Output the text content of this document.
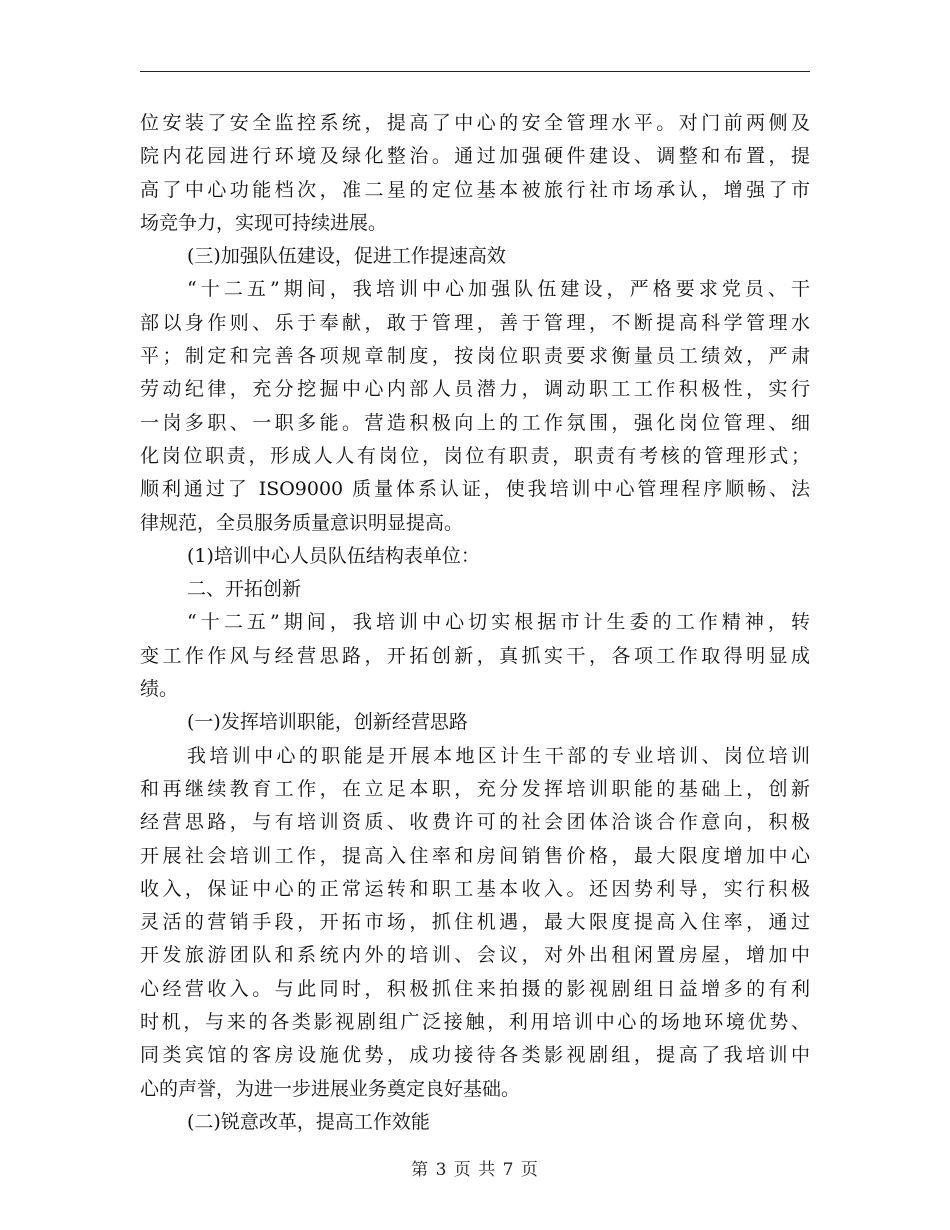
位安装了安全监控系统，提高了中心的安全管理水平。对门前两侧及
院内花园进行环境及绿化整治。通过加强硬件建设、调整和布置，提
高了中心功能档次，准二星的定位基本被旅行社市场承认，增强了市
场竞争力，实现可持续进展。
(三)加强队伍建设，促进工作提速高效
“十二五”期间，我培训中心加强队伍建设，严格要求党员、干
部以身作则、乐于奉献，敢于管理，善于管理，不断提高科学管理水
平；制定和完善各项规章制度，按岗位职责要求衡量员工绩效，严肃
劳动纪律，充分挖掘中心内部人员潜力，调动职工工作积极性，实行
一岗多职、一职多能。营造积极向上的工作氛围，强化岗位管理、细
化岗位职责，形成人人有岗位，岗位有职责，职责有考核的管理形式；
顺利通过了 ISO9000 质量体系认证，使我培训中心管理程序顺畅、法
律规范，全员服务质量意识明显提高。
(1)培训中心人员队伍结构表单位：
二、开拓创新
“十二五”期间，我培训中心切实根据市计生委的工作精神，转
变工作作风与经营思路，开拓创新，真抓实干，各项工作取得明显成
绩。
(一)发挥培训职能，创新经营思路
我培训中心的职能是开展本地区计生干部的专业培训、岗位培训
和再继续教育工作，在立足本职，充分发挥培训职能的基础上，创新
经营思路，与有培训资质、收费许可的社会团体洽谈合作意向，积极
开展社会培训工作，提高入住率和房间销售价格，最大限度增加中心
收入，保证中心的正常运转和职工基本收入。还因势利导，实行积极
灵活的营销手段，开拓市场，抓住机遇，最大限度提高入住率，通过
开发旅游团队和系统内外的培训、会议，对外出租闲置房屋，增加中
心经营收入。与此同时，积极抓住来拍摄的影视剧组日益增多的有利
时机，与来的各类影视剧组广泛接触，利用培训中心的场地环境优势、
同类宾馆的客房设施优势，成功接待各类影视剧组，提高了我培训中
心的声誉，为进一步进展业务奠定良好基础。
(二)锐意改革，提高工作效能
第 3 页 共 7 页
